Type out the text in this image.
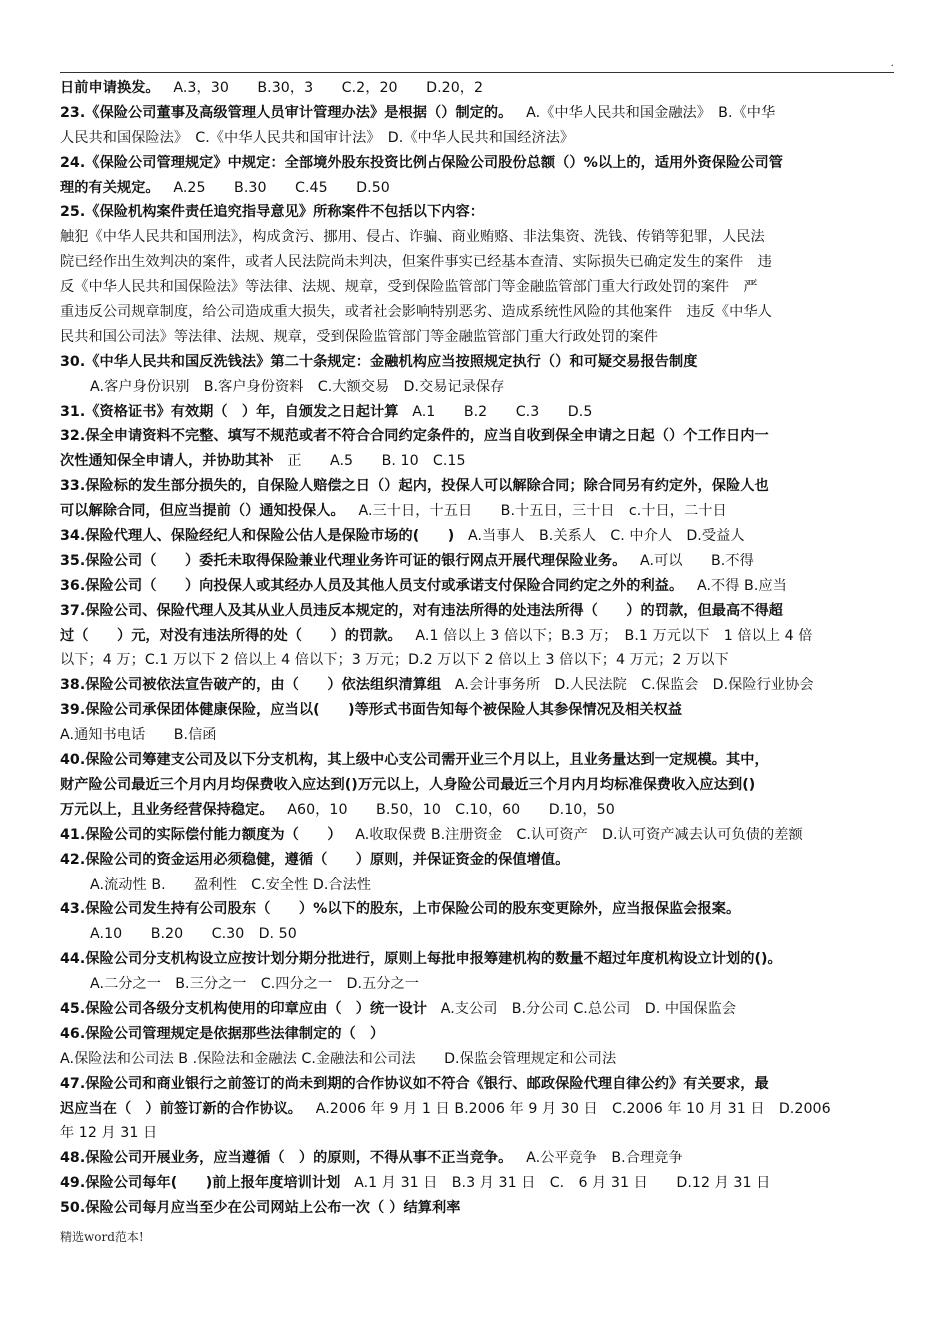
.
日前申请换发。 A.3，30　　B.30，3　　C.2，20　　D.20，2
23.《保险公司董事及高级管理人员审计管理办法》是根据（）制定的。 A.《中华人民共和国金融法》　B.《中华
人民共和国保险法》　C.《中华人民共和国审计法》　D.《中华人民共和国经济法》
24.《保险公司管理规定》中规定：全部境外股东投资比例占保险公司股份总额（）%以上的，适用外资保险公司管
理的有关规定。 A.25　　B.30　　C.45　　D.50
25.《保险机构案件责任追究指导意见》所称案件不包括以下内容：
触犯《中华人民共和国刑法》，构成贪污、挪用、侵占、诈骗、商业贿赂、非法集资、洗钱、传销等犯罪，人民法
院已经作出生效判决的案件，或者人民法院尚未判决，但案件事实已经基本查清、实际损失已确定发生的案件　违
反《中华人民共和国保险法》等法律、法规、规章，受到保险监管部门等金融监管部门重大行政处罚的案件　严
重违反公司规章制度，给公司造成重大损失，或者社会影响特别恶劣、造成系统性风险的其他案件　违反《中华人
民共和国公司法》等法律、法规、规章，受到保险监管部门等金融监管部门重大行政处罚的案件
30.《中华人民共和国反洗钱法》第二十条规定：金融机构应当按照规定执行（）和可疑交易报告制度
A.客户身份识别　B.客户身份资料　C.大额交易　D.交易记录保存
31.《资格证书》有效期（　）年，自颁发之日起计算 A.1　　B.2　　C.3　　D.5
32.保全申请资料不完整、填写不规范或者不符合合同约定条件的，应当自收到保全申请之日起（）个工作日内一
次性通知保全申请人，并协助其补 正　　A.5　　B. 10　C.15
33.保险标的发生部分损失的，自保险人赔偿之日（）起内，投保人可以解除合同；除合同另有约定外，保险人也
可以解除合同，但应当提前（）通知投保人。 A.三十日，十五日　　B.十五日，三十日　c.十日，二十日
34.保险代理人、保险经纪人和保险公估人是保险市场的(　　) A.当事人　B.关系人　C. 中介人　D.受益人
35.保险公司（　　）委托未取得保险兼业代理业务许可证的银行网点开展代理保险业务。 A.可以　　B.不得
36.保险公司（　　）向投保人或其经办人员及其他人员支付或承诺支付保险合同约定之外的利益。 A.不得 B.应当
37.保险公司、保险代理人及其从业人员违反本规定的，对有违法所得的处违法所得（　　）的罚款，但最高不得超
过（　　）元，对没有违法所得的处（　　）的罚款。 A.1 倍以上 3 倍以下；B.3 万；　B.1 万元以下　1 倍以上 4 倍
以下；4 万；C.1 万以下 2 倍以上 4 倍以下；3 万元；D.2 万以下 2 倍以上 3 倍以下；4 万元；2 万以下
38.保险公司被依法宣告破产的，由（　　）依法组织清算组 A.会计事务所　D.人民法院　C.保监会　D.保险行业协会
39.保险公司承保团体健康保险，应当以(　　)等形式书面告知每个被保险人其参保情况及相关权益
A.通知书电话　　B.信函
40.保险公司筹建支公司及以下分支机构，其上级中心支公司需开业三个月以上，且业务量达到一定规模。其中，
财产险公司最近三个月内月均保费收入应达到()万元以上，人身险公司最近三个月内月均标准保费收入应达到()
万元以上，且业务经营保持稳定。 A60，10　　B.50，10　C.10，60　　D.10，50
41.保险公司的实际偿付能力额度为（　　） A.收取保费 B.注册资金　C.认可资产　D.认可资产减去认可负债的差额
42.保险公司的资金运用必须稳健，遵循（　　）原则，并保证资金的保值增值。
A.流动性 B.　　盈利性　C.安全性 D.合法性
43.保险公司发生持有公司股东（　　）%以下的股东，上市保险公司的股东变更除外，应当报保监会报案。
A.10　　B.20　　C.30　D. 50
44.保险公司分支机构设立应按计划分期分批进行，原则上每批申报筹建机构的数量不超过年度机构设立计划的()。
A.二分之一　B.三分之一　C.四分之一　D.五分之一
45.保险公司各级分支机构使用的印章应由（　）统一设计 A.支公司　B.分公司 C.总公司　D. 中国保监会
46.保险公司管理规定是依据那些法律制定的（　）
A.保险法和公司法 B .保险法和金融法 C.金融法和公司法　　D.保监会管理规定和公司法
47.保险公司和商业银行之前签订的尚未到期的合作协议如不符合《银行、邮政保险代理自律公约》有关要求，最
迟应当在（　）前签订新的合作协议。 A.2006 年 9 月 1 日 B.2006 年 9 月 30 日　C.2006 年 10 月 31 日　D.2006
年 12 月 31 日
48.保险公司开展业务，应当遵循（　）的原则，不得从事不正当竞争。 A.公平竞争　B.合理竞争
49.保险公司每年(　　)前上报年度培训计划 A.1 月 31 日　B.3 月 31 日　C.　6 月 31 日　　D.12 月 31 日
50.保险公司每月应当至少在公司网站上公布一次（ ）结算利率
精选word范本!
